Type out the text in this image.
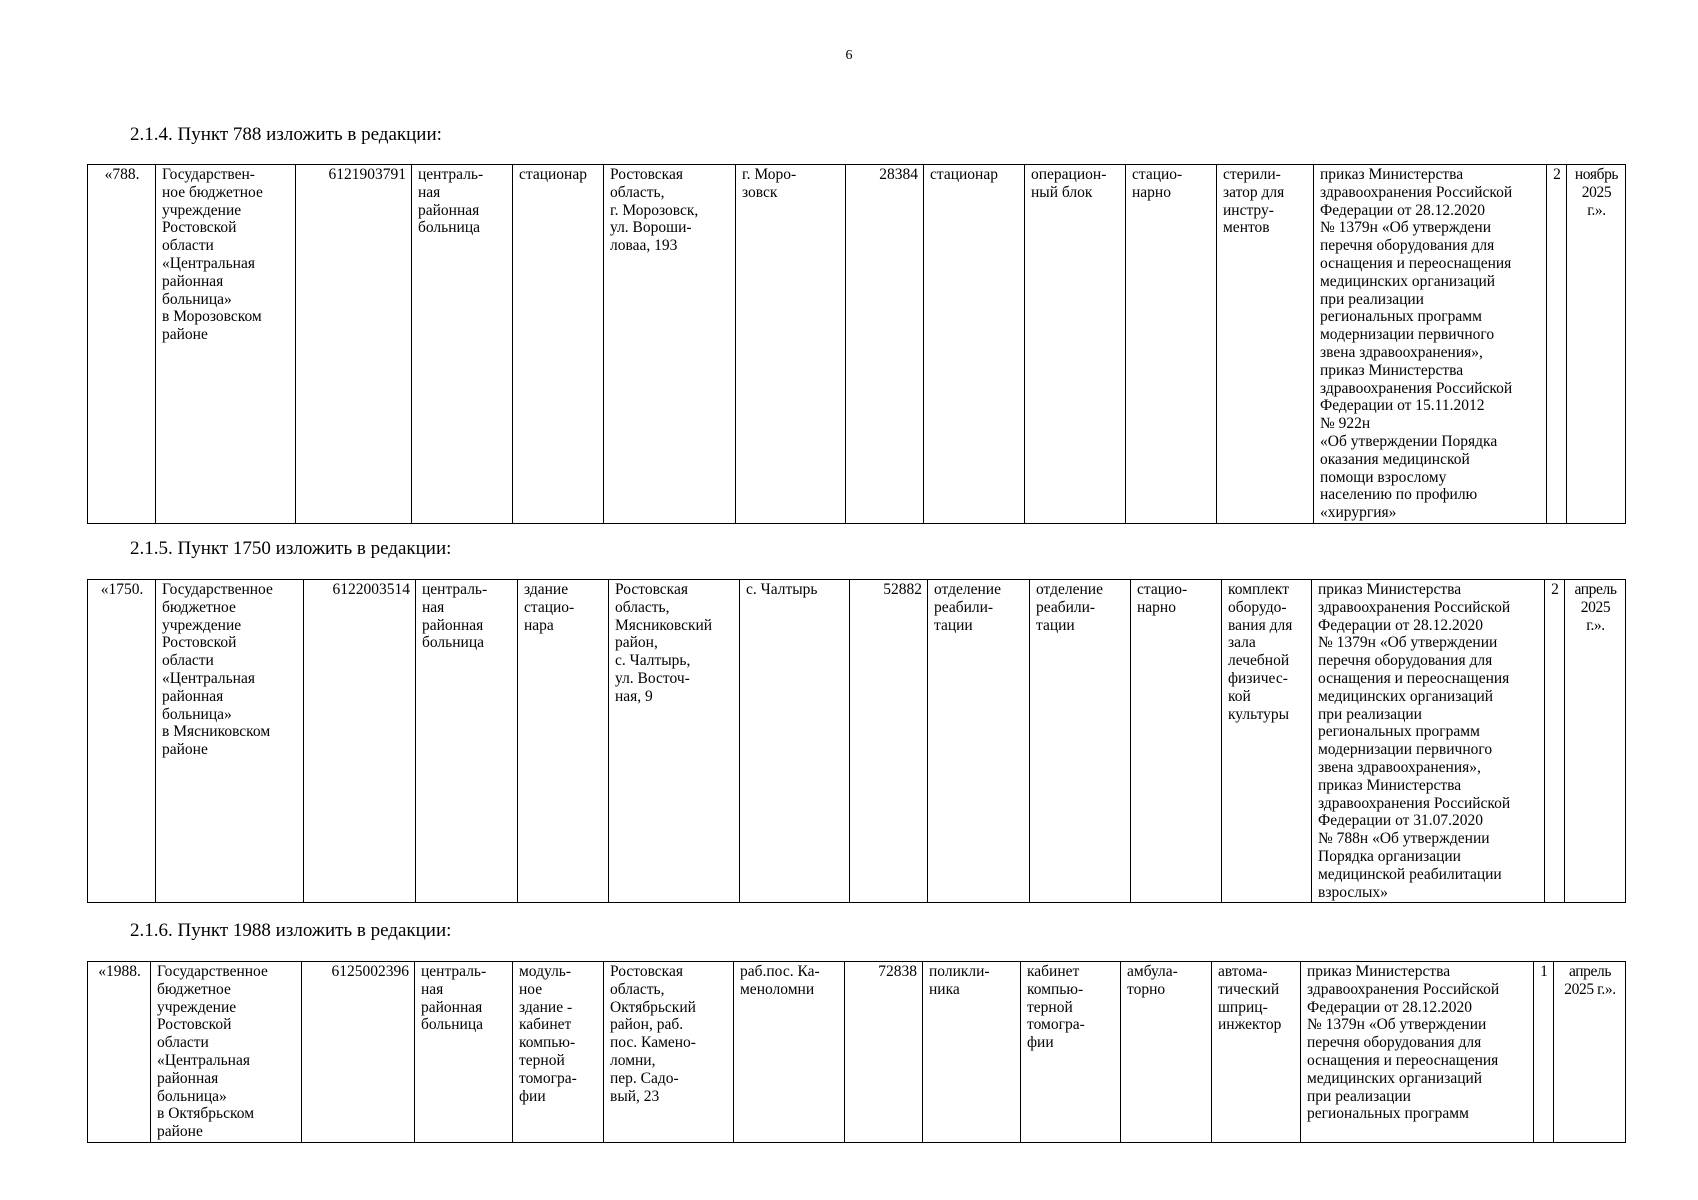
6
2.1.4. Пункт 788 изложить в редакции:
«788.	Государствен-
ное бюджетное
учреждение
Ростовской
области
«Центральная
районная
больница»
в Морозовском
районе	6121903791	централь-
ная
районная
больница	стационар	Ростовская
область,
г. Морозовск,
ул. Вороши-
ловаа, 193	г. Моро-
зовск	28384	стационар	операцион-
ный блок	стацио-
нарно	стерили-
затор для
инстру-
ментов	приказ Министерства
здравоохранения Российской
Федерации от 28.12.2020
№ 1379н «Об утверждени
перечня оборудования для
оснащения и переоснащения
медицинских организаций
при реализации
региональных программ
модернизации первичного
звена здравоохранения»,
приказ Министерства
здравоохранения Российской
Федерации от 15.11.2012
№ 922н
«Об утверждении Порядка
оказания медицинской
помощи взрослому
населению по профилю
«хирургия»	2	ноябрь
2025 г.».
2.1.5. Пункт 1750 изложить в редакции:
«1750.	Государственное
бюджетное
учреждение
Ростовской
области
«Центральная
районная
больница»
в Мясниковском
районе	6122003514	централь-
ная
районная
больница	здание
стацио-
нара	Ростовская
область,
Мясниковский
район,
с. Чалтырь,
ул. Восточ-
ная, 9	с. Чалтырь	52882	отделение
реабили-
тации	отделение
реабили-
тации	стацио-
нарно	комплект
оборудо-
вания для
зала
лечебной
физичес-
кой
культуры	приказ Министерства
здравоохранения Российской
Федерации от 28.12.2020
№ 1379н «Об утверждении
перечня оборудования для
оснащения и переоснащения
медицинских организаций
при реализации
региональных программ
модернизации первичного
звена здравоохранения»,
приказ Министерства
здравоохранения Российской
Федерации от 31.07.2020
№ 788н «Об утверждении
Порядка организации
медицинской реабилитации
взрослых»	2	апрель
2025 г.».
2.1.6. Пункт 1988 изложить в редакции:
«1988.	Государственное
бюджетное
учреждение
Ростовской
области
«Центральная
районная
больница»
в Октябрьском
районе	6125002396	централь-
ная
районная
больница	модуль-
ное
здание -
кабинет
компью-
терной
томогра-
фии	Ростовская
область,
Октябрьский
район, раб.
пос. Камено-
ломни,
пер. Садо-
вый, 23	раб.пос. Ка-
меноломни	72838	поликли-
ника	кабинет
компью-
терной
томогра-
фии	амбула-
торно	автома-
тический
шприц-
инжектор	приказ Министерства
здравоохранения Российской
Федерации от 28.12.2020
№ 1379н «Об утверждении
перечня оборудования для
оснащения и переоснащения
медицинских организаций
при реализации
региональных программ	1	апрель
2025 г.».
